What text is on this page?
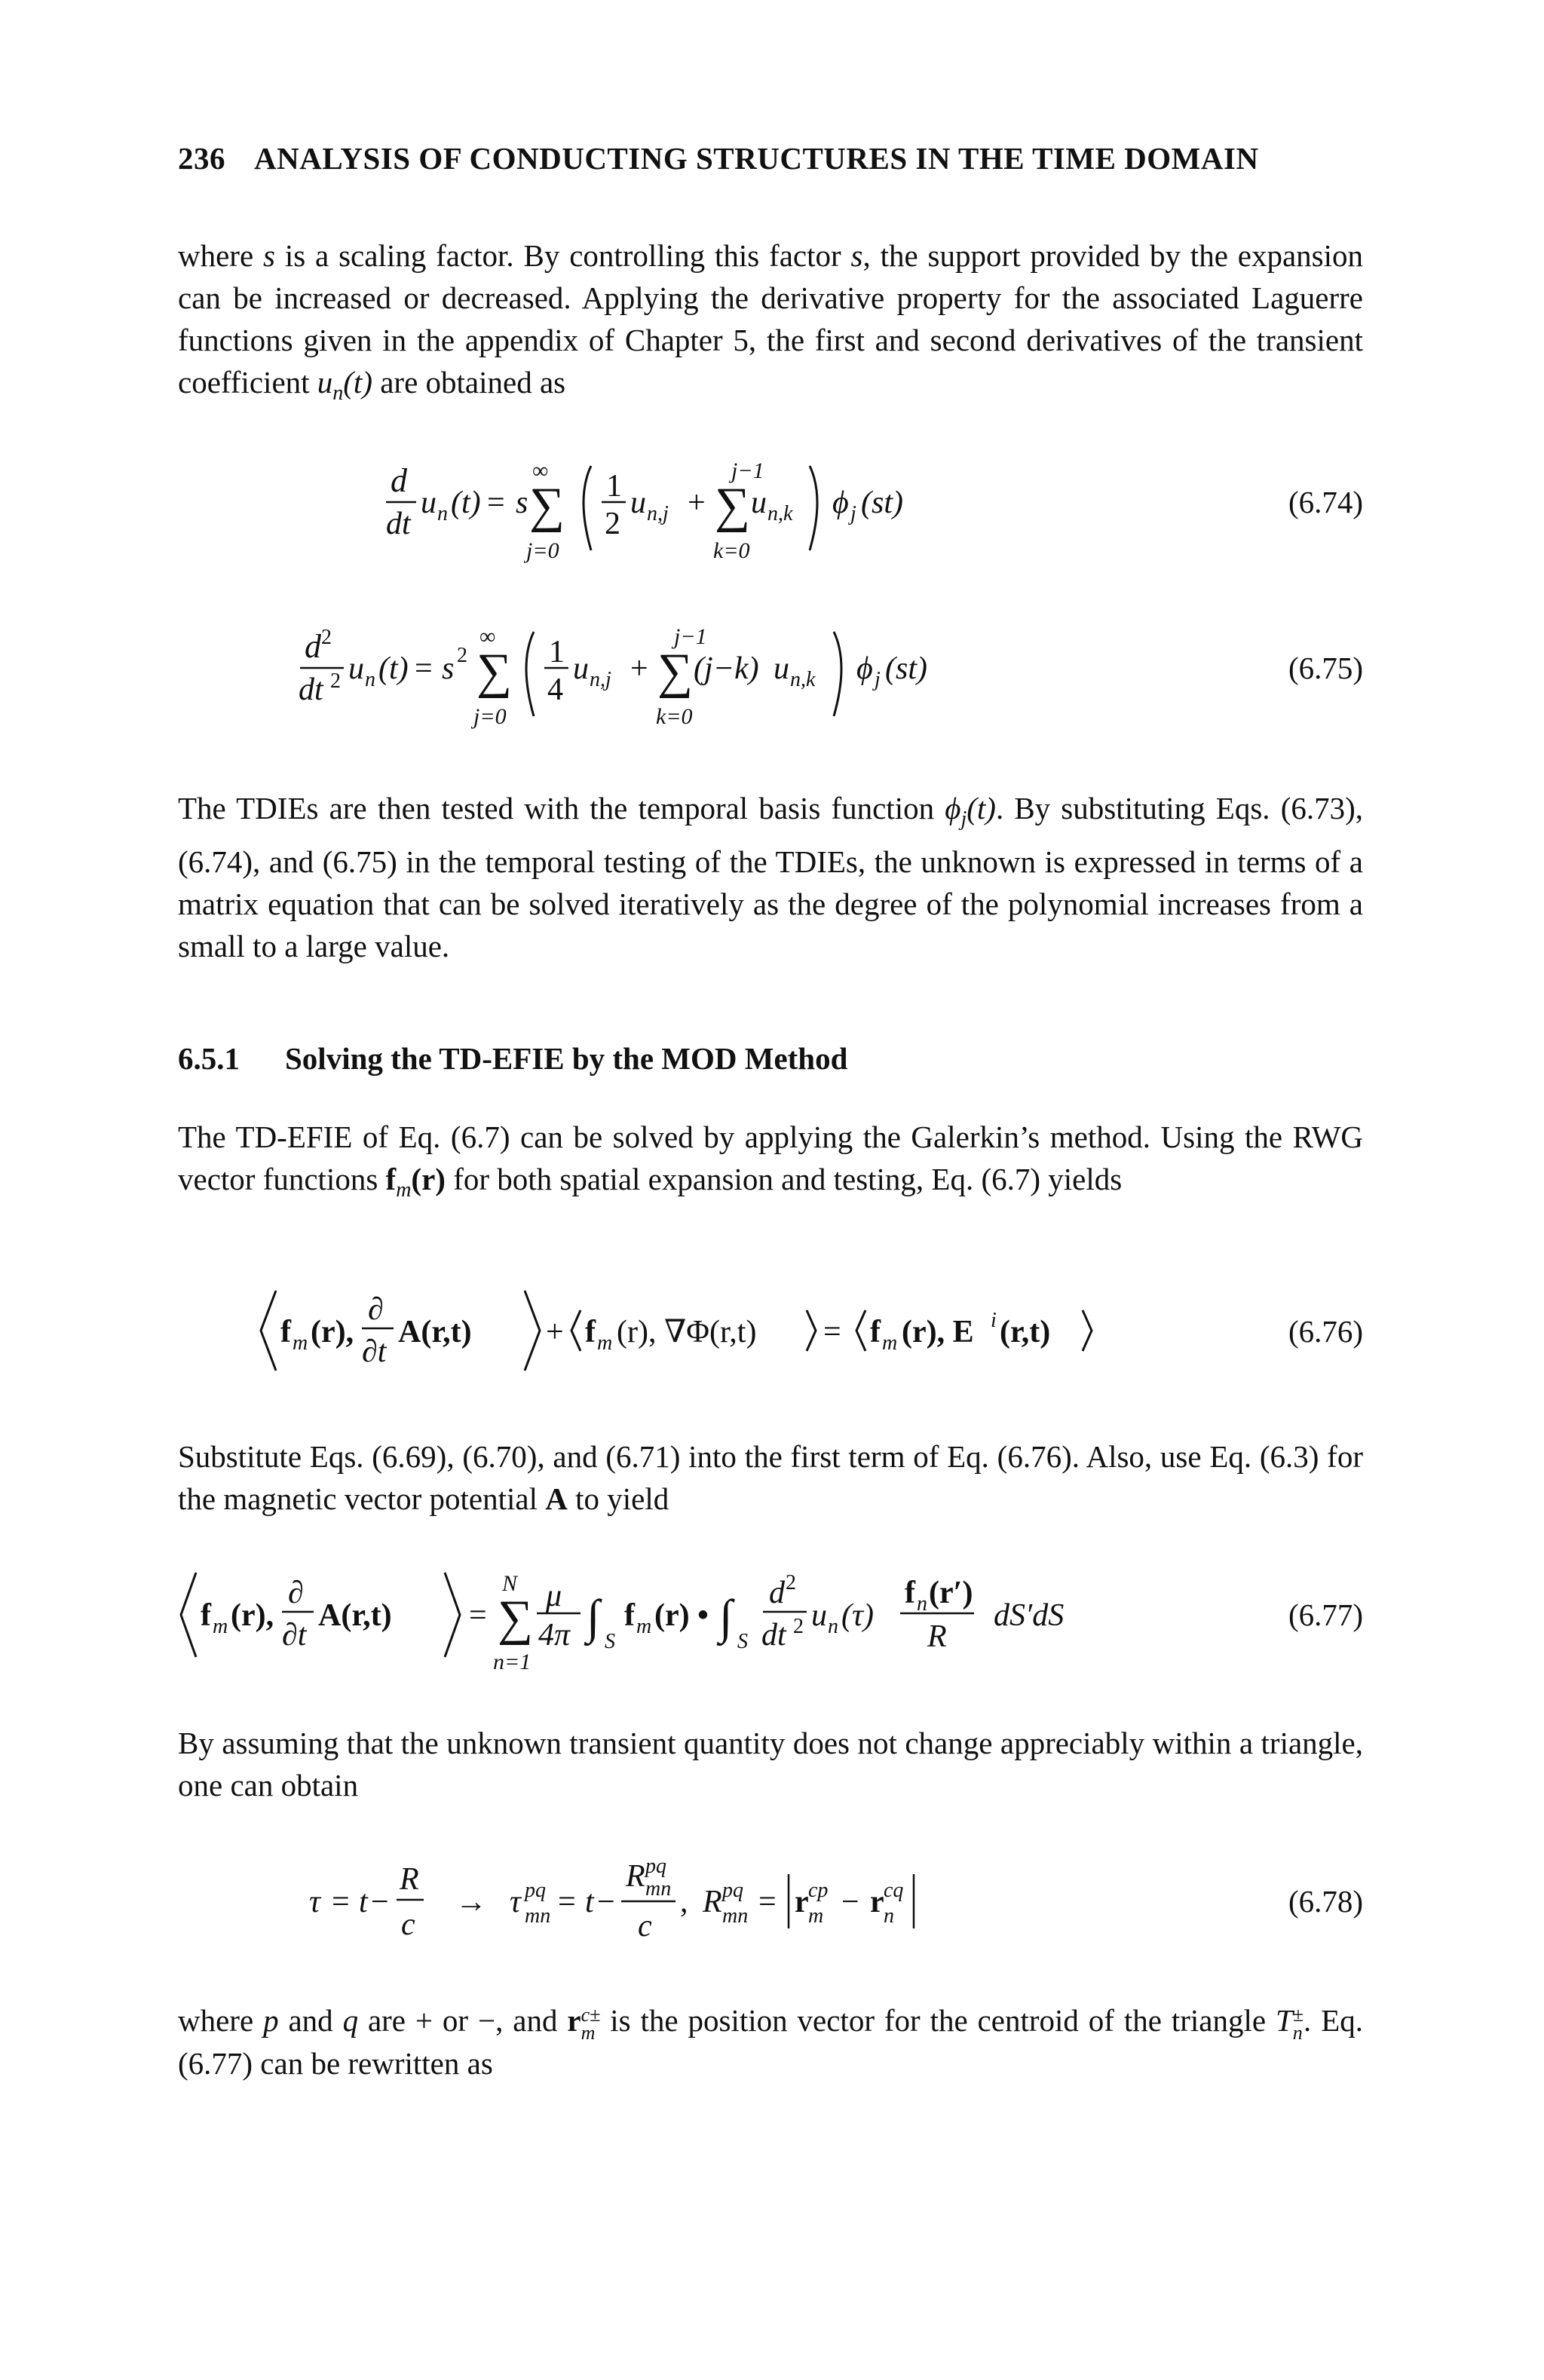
236 ANALYSIS OF CONDUCTING STRUCTURES IN THE TIME DOMAIN
where s is a scaling factor. By controlling this factor s, the support provided by the expansion can be increased or decreased. Applying the derivative property for the associated Laguerre functions given in the appendix of Chapter 5, the first and second derivatives of the transient coefficient $u_n(t)$ are obtained as
d
dt
u n (t) = s
∞
∑
j=0
1
2
u n,j +
j−1
∑
k=0
u n,k ϕ j (st)	(6.74)
d 2
dt 2 u n (t) = s 2
∞
∑
j=0
1
4
u n,j +
j−1
∑
k=0
(j−k) u n,k ϕ j (st)	(6.75)
The TDIEs are then tested with the temporal basis function $\phi_j(t)$. By substituting Eqs. (6.73), (6.74), and (6.75) in the temporal testing of the TDIEs, the unknown is expressed in terms of a matrix equation that can be solved iteratively as the degree of the polynomial increases from a small to a large value.
6.5.1 Solving the TD-EFIE by the MOD Method
The TD-EFIE of Eq. (6.7) can be solved by applying the Galerkin’s method. Using the RWG vector functions $f_m(r)$ for both spatial expansion and testing, Eq. (6.7) yields
f m (r),
∂
∂t
A(r,t) + f m (r), ∇Φ(r,t) = f m (r), E i (r,t)	(6.76)
Substitute Eqs. (6.69), (6.70), and (6.71) into the first term of Eq. (6.76). Also, use Eq. (6.3) for the magnetic vector potential A to yield
f m (r),
∂
∂t
A(r,t) =
N
∑
n=1
μ
4π ∫ S
f m (r) • ∫ S
d 2
dt 2 u n (τ)
f n (r′)
R
dS′dS	(6.77)
By assuming that the unknown transient quantity does not change appreciably within a triangle, one can obtain
τ = t −
R
c
→ τ pq
mn = t −
R pq
mn
c
, R pq
mn = r cp
m − r cq
n	(6.78)
where p and q are + or −, and r c±
m is the position vector for the centroid of the triangle T ±
n . Eq. (6.77) can be rewritten as
